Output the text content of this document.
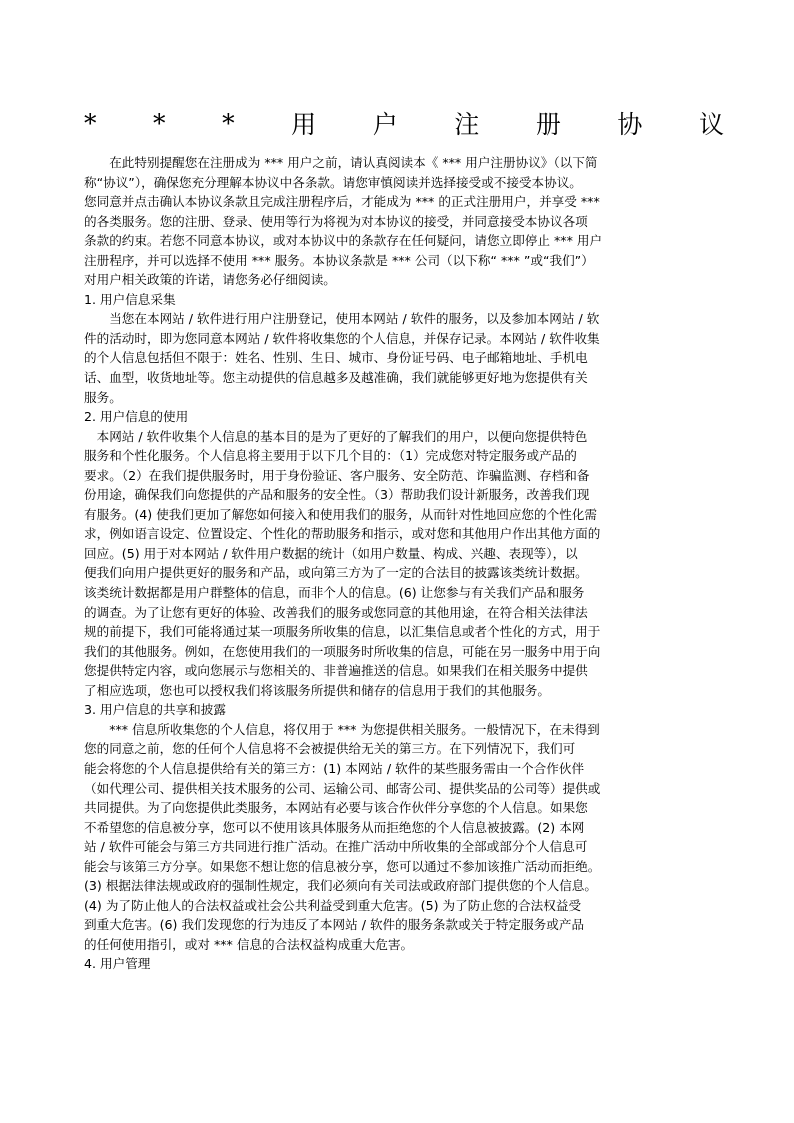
* * * 用 户 注 册 协 议
　　在此特别提醒您在注册成为 *** 用户之前，请认真阅读本《 *** 用户注册协议》（以下简
称“协议”），确保您充分理解本协议中各条款。请您审慎阅读并选择接受或不接受本协议。
您同意并点击确认本协议条款且完成注册程序后，才能成为 *** 的正式注册用户，并享受 ***
的各类服务。您的注册、登录、使用等行为将视为对本协议的接受，并同意接受本协议各项
条款的约束。若您不同意本协议，或对本协议中的条款存在任何疑问，请您立即停止 *** 用户
注册程序，并可以选择不使用 *** 服务。本协议条款是 *** 公司（以下称“ *** ”或“我们”）
对用户相关政策的许诺，请您务必仔细阅读。
1. 用户信息采集
　　当您在本网站 / 软件进行用户注册登记，使用本网站 / 软件的服务，以及参加本网站 / 软
件的活动时，即为您同意本网站 / 软件将收集您的个人信息，并保存记录。本网站 / 软件收集
的个人信息包括但不限于：姓名、性别、生日、城市、身份证号码、电子邮箱地址、手机电
话、血型，收货地址等。您主动提供的信息越多及越准确，我们就能够更好地为您提供有关
服务。
2. 用户信息的使用
　本网站 / 软件收集个人信息的基本目的是为了更好的了解我们的用户，以便向您提供特色
服务和个性化服务。个人信息将主要用于以下几个目的：（1）完成您对特定服务或产品的
要求。（2）在我们提供服务时，用于身份验证、客户服务、安全防范、诈骗监测、存档和备
份用途，确保我们向您提供的产品和服务的安全性。（3）帮助我们设计新服务，改善我们现
有服务。(4) 使我们更加了解您如何接入和使用我们的服务，从而针对性地回应您的个性化需
求，例如语言设定、位置设定、个性化的帮助服务和指示，或对您和其他用户作出其他方面的
回应。(5) 用于对本网站 / 软件用户数据的统计（如用户数量、构成、兴趣、表现等），以
便我们向用户提供更好的服务和产品，或向第三方为了一定的合法目的披露该类统计数据。
该类统计数据都是用户群整体的信息，而非个人的信息。(6) 让您参与有关我们产品和服务
的调查。为了让您有更好的体验、改善我们的服务或您同意的其他用途，在符合相关法律法
规的前提下，我们可能将通过某一项服务所收集的信息，以汇集信息或者个性化的方式，用于
我们的其他服务。例如，在您使用我们的一项服务时所收集的信息，可能在另一服务中用于向
您提供特定内容，或向您展示与您相关的、非普遍推送的信息。如果我们在相关服务中提供
了相应选项，您也可以授权我们将该服务所提供和储存的信息用于我们的其他服务。
3. 用户信息的共享和披露
　　*** 信息所收集您的个人信息，将仅用于 *** 为您提供相关服务。一般情况下，在未得到
您的同意之前，您的任何个人信息将不会被提供给无关的第三方。在下列情况下，我们可
能会将您的个人信息提供给有关的第三方：(1) 本网站 / 软件的某些服务需由一个合作伙伴
（如代理公司、提供相关技术服务的公司、运输公司、邮寄公司、提供奖品的公司等）提供或
共同提供。为了向您提供此类服务，本网站有必要与该合作伙伴分享您的个人信息。如果您
不希望您的信息被分享，您可以不使用该具体服务从而拒绝您的个人信息被披露。(2) 本网
站 / 软件可能会与第三方共同进行推广活动。在推广活动中所收集的全部或部分个人信息可
能会与该第三方分享。如果您不想让您的信息被分享，您可以通过不参加该推广活动而拒绝。
(3) 根据法律法规或政府的强制性规定，我们必须向有关司法或政府部门提供您的个人信息。
(4) 为了防止他人的合法权益或社会公共利益受到重大危害。(5) 为了防止您的合法权益受
到重大危害。(6) 我们发现您的行为违反了本网站 / 软件的服务条款或关于特定服务或产品
的任何使用指引，或对 *** 信息的合法权益构成重大危害。
4. 用户管理
